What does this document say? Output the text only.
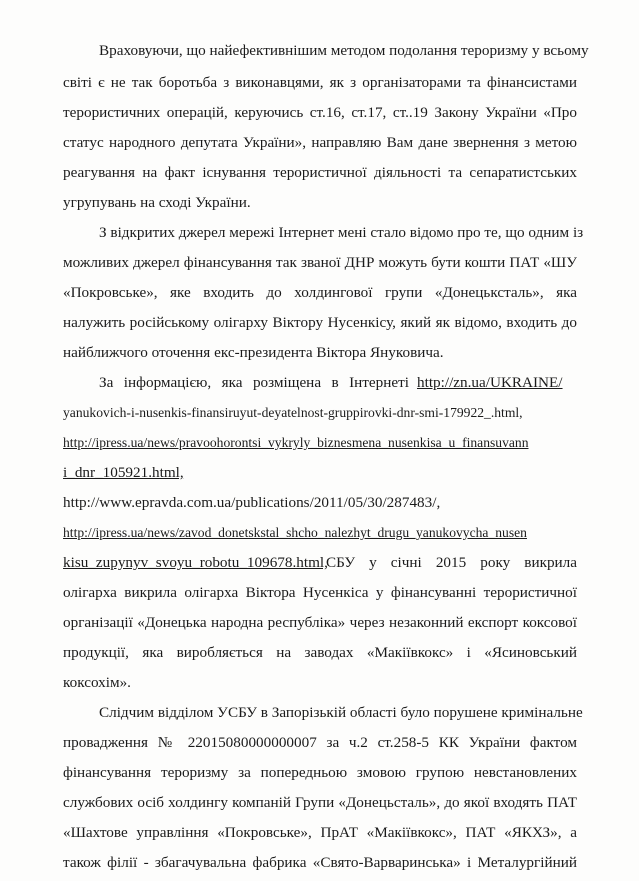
Враховуючи, що найефективнішим методом подолання тероризму у всьому
світі є не так боротьба з виконавцями, як з організаторами та фінансистами
терористичних операцій, керуючись ст.16, ст.17, ст..19 Закону України «Про
статус народного депутата України», направляю Вам дане звернення з метою
реагування на факт існування терористичної діяльності та сепаратистських
угрупувань на сході України.
З відкритих джерел мережі Інтернет мені стало відомо про те, що одним із
можливих джерел фінансування так званої ДНР можуть бути кошти ПАТ «ШУ
«Покровське», яке входить до холдингової групи «Донецьксталь», яка
налужить російському олігарху Віктору Нусенкісу, який як відомо, входить до
найближчого оточення екс-президента Віктора Януковича.
За інформацією, яка розміщена в Інтернеті http://zn.ua/UKRAINE/
yanukovich-i-nusenkis-finansiruyut-deyatelnost-gruppirovki-dnr-smi-179922_.html,
http://ipress.ua/news/pravoohorontsi_vykryly_biznesmena_nusenkisa_u_finansuvann
i_dnr_105921.html,
http://www.epravda.com.ua/publications/2011/05/30/287483/,
http://ipress.ua/news/zavod_donetskstal_shcho_nalezhyt_drugu_yanukovycha_nusen
kisu_zupynyv_svoyu_robotu_109678.html,
СБУ у січні 2015 року викрила
олігарха викрила олігарха Віктора Нусенкіса у фінансуванні терористичної
організації «Донецька народна республіка» через незаконний експорт коксової
продукції, яка виробляється на заводах «Макіївкокс» і «Ясиновський
коксохім».
Слідчим відділом УСБУ в Запорізькій області було порушене кримінальне
провадження № 22015080000000007 за ч.2 ст.258-5 КК України фактом
фінансування тероризму за попередньою змовою групою невстановлених
службових осіб холдингу компаній Групи «Донецьсталь», до якої входять ПАТ
«Шахтове управління «Покровське», ПрАТ «Макіївкокс», ПАТ «ЯКХЗ», а
також філії - збагачувальна фабрика «Свято-Варваринська» і Металургійний
